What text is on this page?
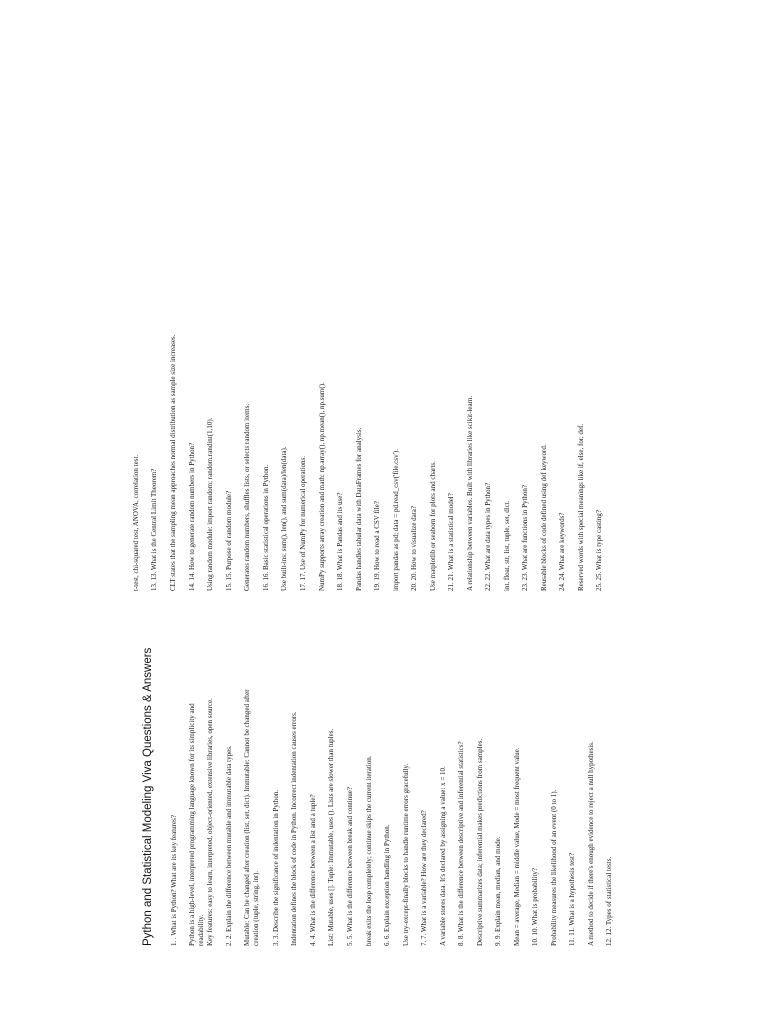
Python and Statistical Modeling Viva Questions & Answers 1. . What is Python? What are its key features? Python is a high-level, interpreted programming language known for its simplicity and readability. Key features: easy to learn, interpreted, object-oriented, extensive libraries, open source. 2. 2. Explain the difference between mutable and immutable data types. Mutable: Can be changed after creation (list, set, dict). Immutable: Cannot be changed after creation (tuple, string, int). 3. 3. Describe the significance of indentation in Python. Indentation defines the block of code in Python. Incorrect indentation causes errors. 4. 4. What is the difference between a list and a tuple? List: Mutable, uses []. Tuple: Immutable, uses (). Lists are slower than tuples. 5. 5. What is the difference between break and continue? break exits the loop completely; continue skips the current iteration. 6. 6. Explain exception handling in Python. Use try-except-finally blocks to handle runtime errors gracefully. 7. 7. What is a variable? How are they declared? A variable stores data. It's declared by assigning a value: x = 10. 8. 8. What is the difference between descriptive and inferential statistics? Descriptive summarizes data; inferential makes predictions from samples. 9. 9. Explain mean, median, and mode. Mean = average, Median = middle value, Mode = most frequent value. 10. 10. What is probability? Probability measures the likelihood of an event (0 to 1). 11. 11. What is a hypothesis test? A method to decide if there's enough evidence to reject a null hypothesis. 12. 12. Types of statistical tests.
t-test, chi-squared test, ANOVA, correlation test. 13. 13. What is the Central Limit Theorem? CLT states that the sampling mean approaches normal distribution as sample size increases. 14. 14. How to generate random numbers in Python? Using random module: import random; random.randint(1,10). 15. 15. Purpose of random module? Generates random numbers, shuffles lists, or selects random items. 16. 16. Basic statistical operations in Python. Use built-ins: sum(), len(), and sum(data)/len(data). 17. 17. Use of NumPy for numerical operations. NumPy supports array creation and math: np.array(), np.mean(), np.sum(). 18. 18. What is Pandas and its use? Pandas handles tabular data with DataFrames for analysis. 19. 19. How to read a CSV file? import pandas as pd; data = pd.read_csv('file.csv'). 20. 20. How to visualize data? Use matplotlib or seaborn for plots and charts. 21. 21. What is a statistical model? A relationship between variables. Built with libraries like scikit-learn. 22. 22. What are data types in Python? int, float, str, list, tuple, set, dict. 23. 23. What are functions in Python? Reusable blocks of code defined using def keyword. 24. 24. What are keywords? Reserved words with special meanings like if, else, for, def. 25. 25. What is type casting?
